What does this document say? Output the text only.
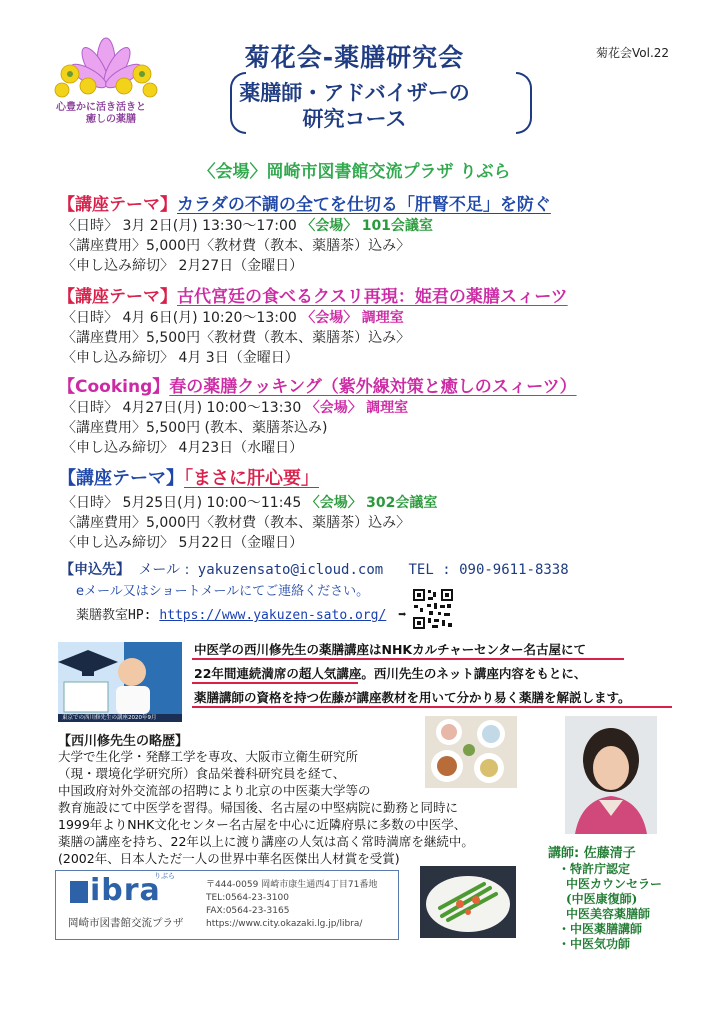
心豊かに活き活きと
癒しの薬膳
菊花会‐薬膳研究会	菊花会Vol.22
薬膳師・アドバイザーの
研究コース
〈会場〉岡崎市図書館交流プラザ りぶら
【講座テーマ】カラダの不調の全てを仕切る「肝腎不足」を防ぐ
〈日時〉 3月 2日(月) 13:30〜17:00 〈会場〉 101会議室
〈講座費用〉5,000円〈教材費（教本、薬膳茶）込み〉
〈申し込み締切〉 2月27日（金曜日）
【講座テーマ】古代宮廷の食べるクスリ再現：姫君の薬膳スィーツ
〈日時〉 4月 6日(月) 10:20〜13:00 〈会場〉 調理室
〈講座費用〉5,500円〈教材費（教本、薬膳茶）込み〉
〈申し込み締切〉 4月 3日（金曜日）
【Cooking】春の薬膳クッキング（紫外線対策と癒しのスィーツ）
〈日時〉 4月27日(月) 10:00〜13:30 〈会場〉 調理室
〈講座費用〉5,500円 (教本、薬膳茶込み)
〈申し込み締切〉 4月23日（水曜日）
【講座テーマ】「まさに肝心要」
〈日時〉 5月25日(月) 10:00〜11:45 〈会場〉 302会議室
〈講座費用〉5,000円〈教材費（教本、薬膳茶）込み〉
〈申し込み締切〉 5月22日（金曜日）
【申込先】 メール : yakuzensato@icloud.com TEL : 090-9611-8338
eメール又はショートメールにてご連絡ください。
薬膳教室HP: https://www.yakuzen-sato.org/ ➡
東京での西川修先生の講座2020年9月
中医学の西川修先生の薬膳講座はNHKカルチャーセンター名古屋にて
22年間連続満席の超人気講座。西川先生のネット講座内容をもとに、
薬膳講師の資格を持つ佐藤が講座教材を用いて分かり易く薬膳を解説します。
【西川修先生の略歴】
大学で生化学・発酵工学を専攻、大阪市立衛生研究所
（現・環境化学研究所）食品栄養科研究員を経て、
中国政府対外交流部の招聘により北京の中医薬大学等の
教育施設にて中医学を習得。帰国後、名古屋の中堅病院に勤務と同時に
1999年よりNHK文化センター名古屋を中心に近隣府県に多数の中医学、
薬膳の講座を持ち、22年以上に渡り講座の人気は高く常時満席を継続中。
(2002年、日本人ただ一人の世界中華名医傑出人材賞を受賞)	講師: 佐藤清子
・特許庁認定
中医カウンセラー
(中医康復師)
中医美容薬膳師
・中医薬膳講師
・中医気功師
ibra
りぶら
岡崎市図書館交流プラザ
〒444-0059 岡崎市康生通西4丁目71番地
TEL:0564-23-3100
FAX:0564-23-3165
https://www.city.okazaki.lg.jp/libra/
